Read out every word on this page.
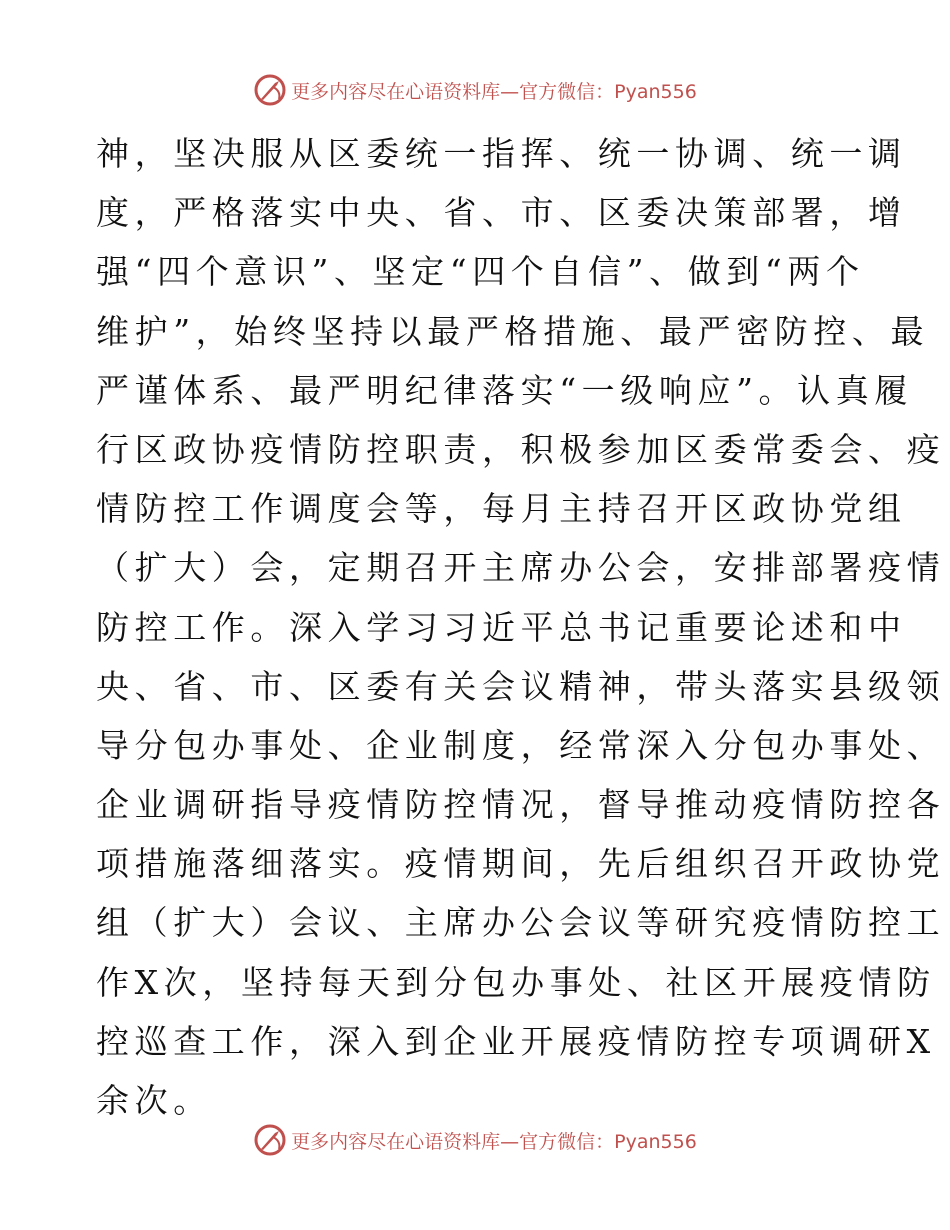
更多内容尽在心语资料库—官方微信：Pyan556
神，坚决服从区委统一指挥、统一协调、统一调
度，严格落实中央、省、市、区委决策部署，增
强“四个意识”、坚定“四个自信”、做到“两个
维护”，始终坚持以最严格措施、最严密防控、最
严谨体系、最严明纪律落实“一级响应”。认真履
行区政协疫情防控职责，积极参加区委常委会、疫
情防控工作调度会等，每月主持召开区政协党组
（扩大）会，定期召开主席办公会，安排部署疫情
防控工作。深入学习习近平总书记重要论述和中
央、省、市、区委有关会议精神，带头落实县级领
导分包办事处、企业制度，经常深入分包办事处、
企业调研指导疫情防控情况，督导推动疫情防控各
项措施落细落实。疫情期间，先后组织召开政协党
组（扩大）会议、主席办公会议等研究疫情防控工
作X次，坚持每天到分包办事处、社区开展疫情防
控巡查工作，深入到企业开展疫情防控专项调研X
余次。
更多内容尽在心语资料库—官方微信：Pyan556
